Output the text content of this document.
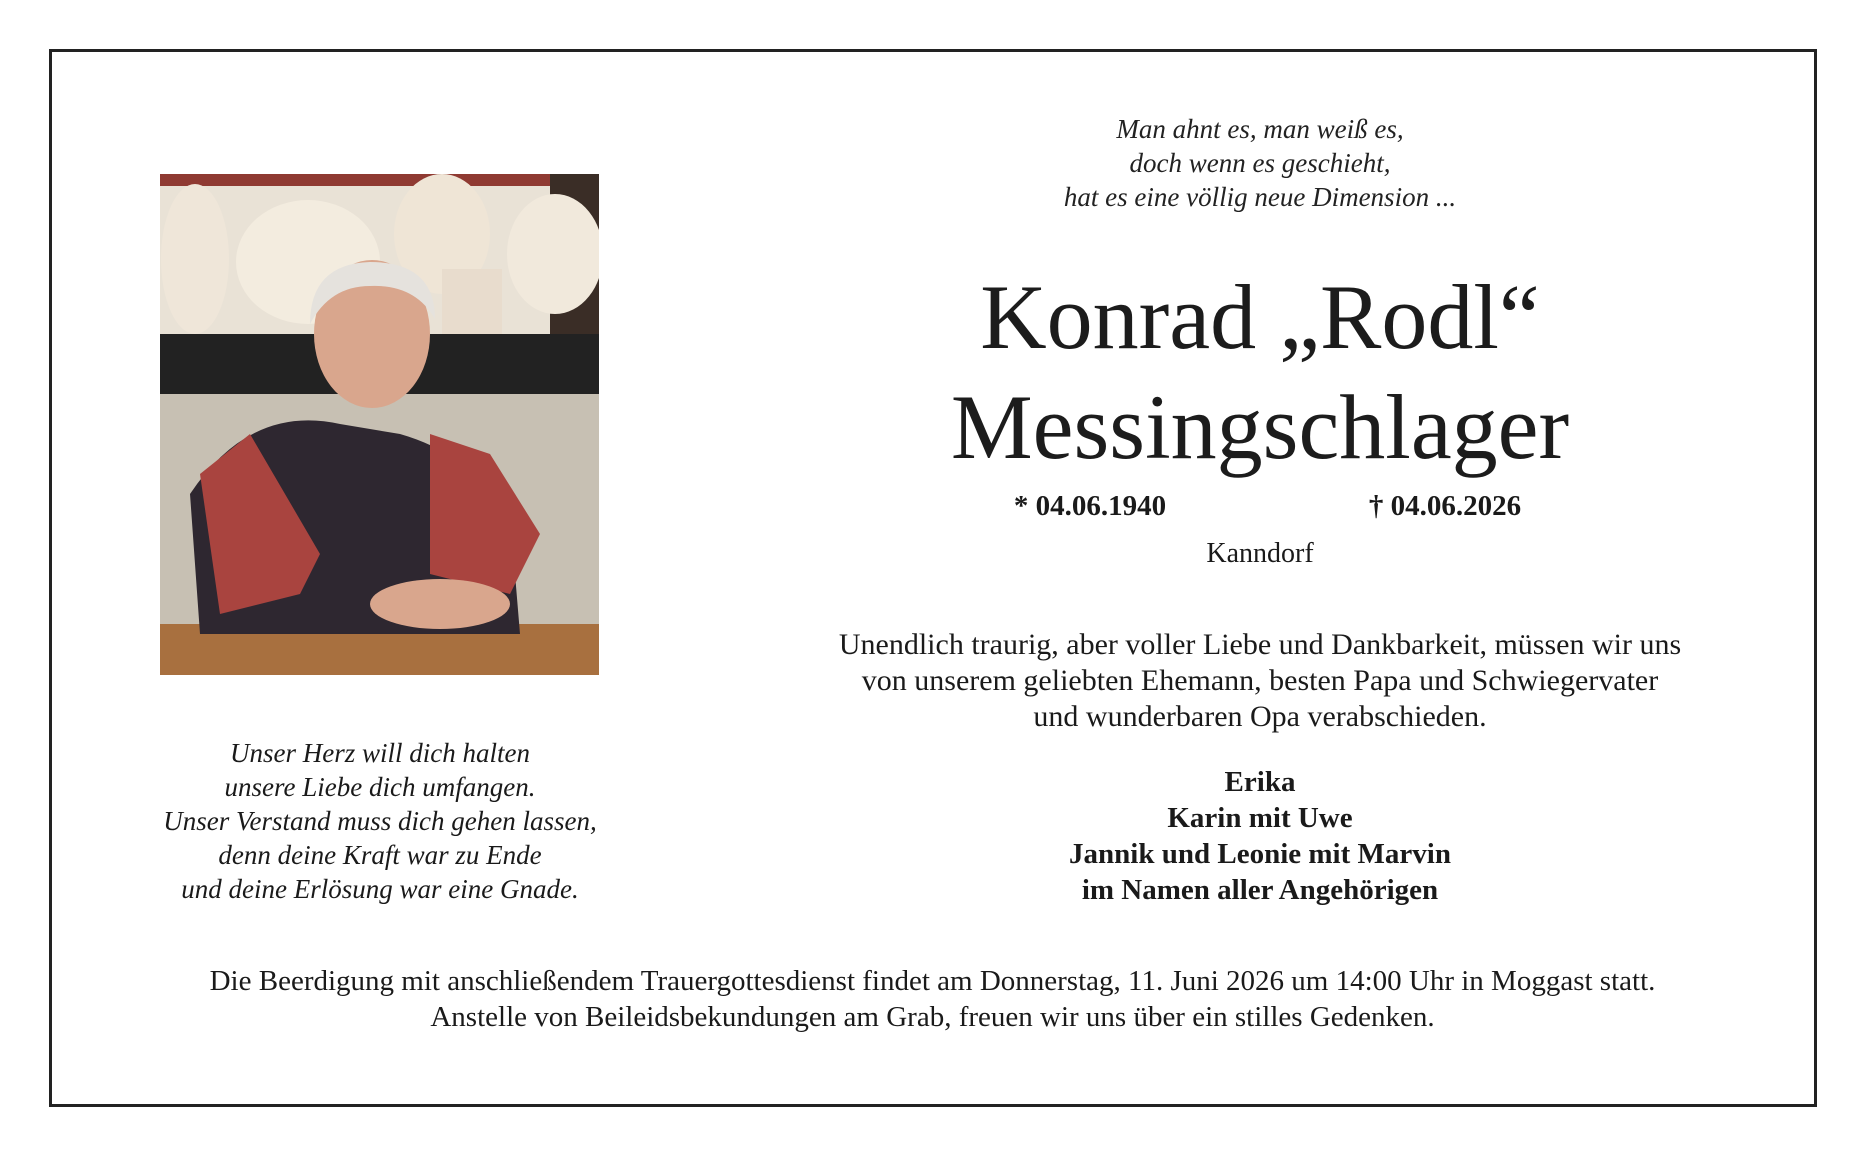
Man ahnt es, man weiß es,
doch wenn es geschieht,
hat es eine völlig neue Dimension ...
Konrad „Rodl“
Messingschlager
* 04.06.1940	† 04.06.2026
Kanndorf
Unendlich traurig, aber voller Liebe und Dankbarkeit, müssen wir uns
von unserem geliebten Ehemann, besten Papa und Schwiegervater
und wunderbaren Opa verabschieden.
Erika
Karin mit Uwe
Jannik und Leonie mit Marvin
im Namen aller Angehörigen
Unser Herz will dich halten
unsere Liebe dich umfangen.
Unser Verstand muss dich gehen lassen,
denn deine Kraft war zu Ende
und deine Erlösung war eine Gnade.
Die Beerdigung mit anschließendem Trauergottesdienst findet am Donnerstag, 11. Juni 2026 um 14:00 Uhr in Moggast statt.
Anstelle von Beileidsbekundungen am Grab, freuen wir uns über ein stilles Gedenken.
